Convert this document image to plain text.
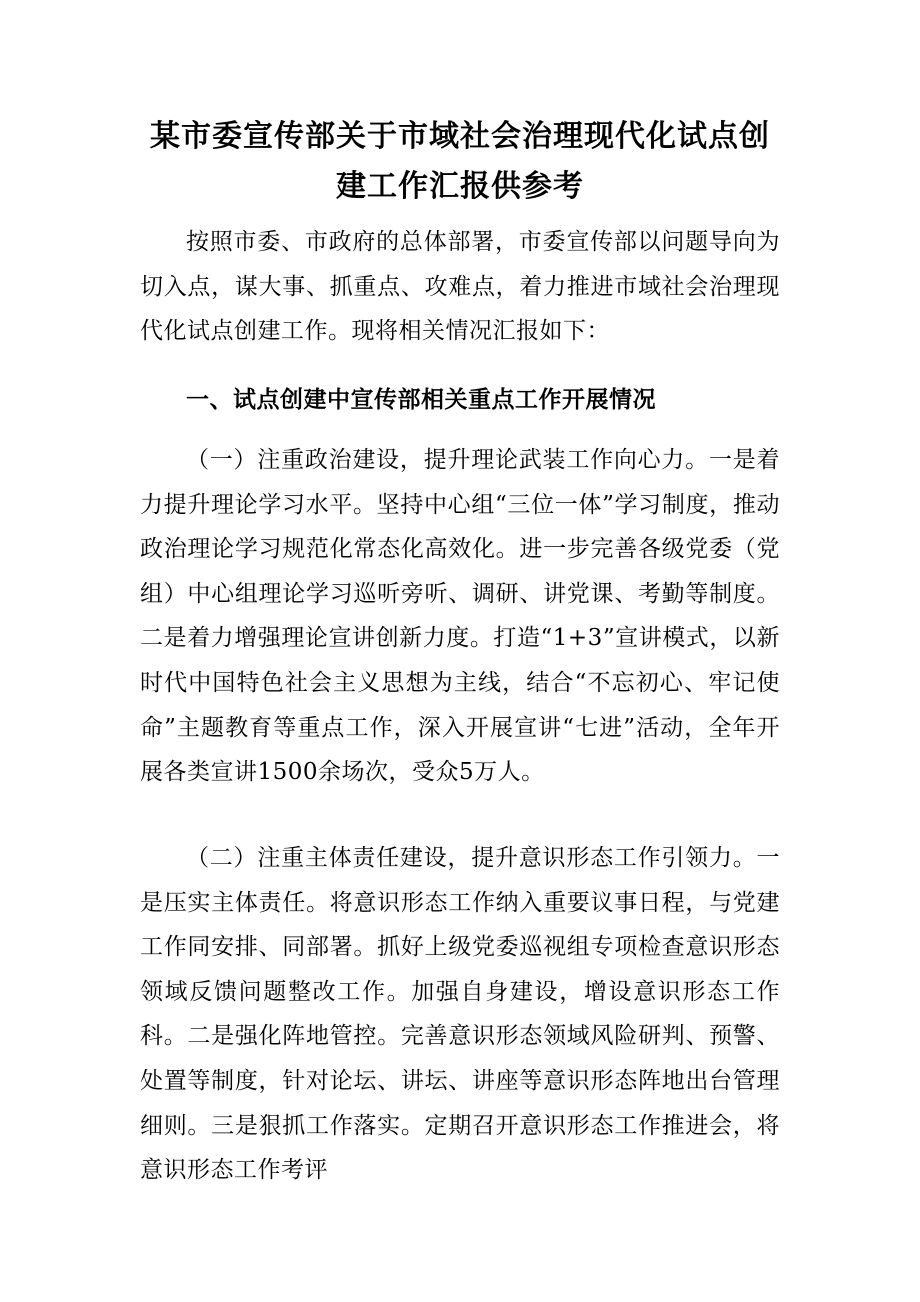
某市委宣传部关于市域社会治理现代化试点创建工作汇报供参考

按照市委、市政府的总体部署，市委宣传部以问题导向为切入点，谋大事、抓重点、攻难点，着力推进市域社会治理现代化试点创建工作。现将相关情况汇报如下：

一、试点创建中宣传部相关重点工作开展情况

（一）注重政治建设，提升理论武装工作向心力。一是着力提升理论学习水平。坚持中心组“三位一体”学习制度，推动政治理论学习规范化常态化高效化。进一步完善各级党委（党组）中心组理论学习巡听旁听、调研、讲党课、考勤等制度。二是着力增强理论宣讲创新力度。打造“1+3”宣讲模式，以新时代中国特色社会主义思想为主线，结合“不忘初心、牢记使命”主题教育等重点工作，深入开展宣讲“七进”活动，全年开展各类宣讲1500余场次，受众5万人。

（二）注重主体责任建设，提升意识形态工作引领力。一是压实主体责任。将意识形态工作纳入重要议事日程，与党建工作同安排、同部署。抓好上级党委巡视组专项检查意识形态领域反馈问题整改工作。加强自身建设，增设意识形态工作科。二是强化阵地管控。完善意识形态领域风险研判、预警、处置等制度，针对论坛、讲坛、讲座等意识形态阵地出台管理细则。三是狠抓工作落实。定期召开意识形态工作推进会，将意识形态工作考评
